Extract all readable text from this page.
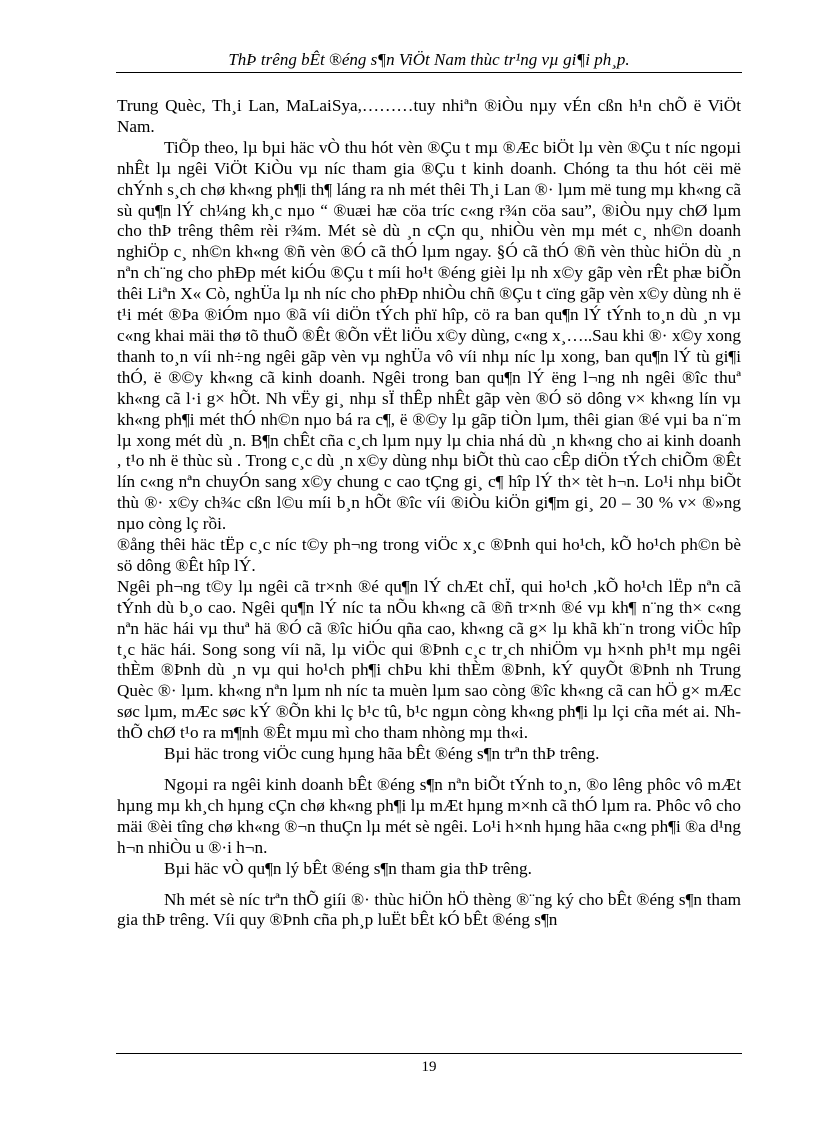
ThÞ trêng bÊt ®éng s¶n ViÖt Nam thùc tr¹ng vµ gi¶i ph¸p.

Trung Quèc, Th¸i Lan, MaLaiSya,………tuy nhiªn ®iÒu nµy vÉn cßn h¹n chÕ ë ViÖt Nam.

TiÕp theo, lµ bµi häc vÒ thu hót vèn ®Çu t mµ ®Æc biÖt lµ vèn ®Çu t níc ngoµi nhÊt lµ ngêi ViÖt KiÒu vµ níc tham gia ®Çu t kinh doanh. Chóng ta thu hót cëi më chÝnh s¸ch chø kh«ng ph¶i th¶ láng ra nh mét thêi Th¸i Lan ®· lµm më tung mµ kh«ng cã sù qu¶n lÝ ch¼ng kh¸c nµo “ ®uæi hæ cöa tríc c«ng r¾n cöa sau”, ®iÒu nµy chØ lµm cho thÞ trêng thêm rèi r¾m. Mét sè dù ¸n cÇn qu¸ nhiÒu vèn mµ mét c¸ nh©n doanh nghiÖp c¸ nh©n kh«ng ®ñ vèn ®Ó cã thÓ lµm ngay. §Ó cã thÓ ®ñ vèn thùc hiÖn dù ¸n nªn ch¨ng cho phÐp mét kiÓu ®Çu t míi ho¹t ®éng gièi lµ nh x©y gãp vèn rÊt phæ biÕn thêi Liªn X« Cò, nghÜa lµ nh níc cho phÐp nhiÒu chñ ®Çu t cïng gãp vèn x©y dùng nh ë t¹i mét ®Þa ®iÓm nµo ®ã víi diÖn tÝch phï hîp, cö ra ban qu¶n lÝ tÝnh to¸n dù ¸n vµ c«ng khai mäi thø tõ thuÕ ®Êt ®Õn vËt liÖu x©y dùng, c«ng x¸…..Sau khi ®· x©y xong thanh to¸n víi nh÷ng ngêi gãp vèn vµ nghÜa vô víi nhµ níc lµ xong, ban qu¶n lÝ tù gi¶i thÓ, ë ®©y kh«ng cã kinh doanh. Ngêi trong ban qu¶n lÝ ëng l¬ng nh ngêi ®îc thuª kh«ng cã l·i g× hÕt. Nh vËy gi¸ nhµ sÏ thÊp nhÊt gãp vèn ®Ó sö dông v× kh«ng lín vµ kh«ng ph¶i mét thÓ nh©n nµo bá ra c¶, ë ®©y lµ gãp tiÒn lµm, thêi gian ®é vµi ba n¨m lµ xong mét dù ¸n. B¶n chÊt cña c¸ch lµm nµy lµ chia nhá dù ¸n kh«ng cho ai kinh doanh , t¹o nh ë thùc sù . Trong c¸c dù ¸n x©y dùng nhµ biÕt thù cao cÊp diÖn tÝch chiÕm ®Êt lín c«ng nªn chuyÓn sang x©y chung c cao tÇng gi¸ c¶ hîp lÝ th× tèt h¬n. Lo¹i nhµ biÕt thù ®· x©y ch¾c cßn l©u míi b¸n hÕt ®îc víi ®iÒu kiÖn gi¶m gi¸ 20 – 30 % v× ®»ng nµo còng lç rồi.

®ång thêi häc tËp c¸c níc t©y ph¬ng trong viÖc x¸c ®Þnh qui ho¹ch, kÕ ho¹ch ph©n bè sö dông ®Êt hîp lÝ.

Ngêi ph¬ng t©y lµ ngêi cã tr×nh ®é qu¶n lÝ chÆt chÏ, qui ho¹ch ,kÕ ho¹ch lËp nªn cã tÝnh dù b¸o cao. Ngêi qu¶n lÝ níc ta nÕu kh«ng cã ®ñ tr×nh ®é vµ kh¶ n¨ng th× c«ng nªn häc hái vµ thuª hä ®Ó cã ®îc hiÓu qña cao, kh«ng cã g× lµ khã kh¨n trong viÖc hîp t¸c häc hái. Song song víi nã, lµ viÖc qui ®Þnh c¸c tr¸ch nhiÖm vµ h×nh ph¹t mµ ngêi thÈm ®Þnh dù ¸n vµ qui ho¹ch ph¶i chÞu khi thÈm ®Þnh, kÝ quyÕt ®Þnh nh Trung Quèc ®· lµm. kh«ng nªn lµm nh níc ta muèn lµm sao còng ®îc kh«ng cã can hÖ g× mÆc søc lµm, mÆc søc kÝ ®Õn khi lç b¹c tû, b¹c ngµn còng kh«ng ph¶i lµ lçi cña mét ai. Nh thÕ chØ t¹o ra m¶nh ®Êt mµu mì cho tham nhòng mµ th«i.

Bµi häc trong viÖc cung hµng hãa bÊt ®éng s¶n trªn thÞ trêng.

Ngoµi ra ngêi kinh doanh bÊt ®éng s¶n nªn biÕt tÝnh to¸n, ®o lêng phôc vô mÆt hµng mµ kh¸ch hµng cÇn chø kh«ng ph¶i lµ mÆt hµng m×nh cã thÓ lµm ra. Phôc vô cho mäi ®èi tîng chø kh«ng ®¬n thuÇn lµ mét sè ngêi. Lo¹i h×nh hµng hãa c«ng ph¶i ®a d¹ng h¬n nhiÒu u ®·i h¬n.

Bµi häc vÒ qu¶n lý bÊt ®éng s¶n tham gia thÞ trêng.

Nh mét sè níc trªn thÕ giíi ®· thùc hiÖn hÖ thèng ®¨ng ký cho bÊt ®éng s¶n tham gia thÞ trêng. Víi quy ®Þnh cña ph¸p luËt bÊt kÓ bÊt ®éng s¶n

19
